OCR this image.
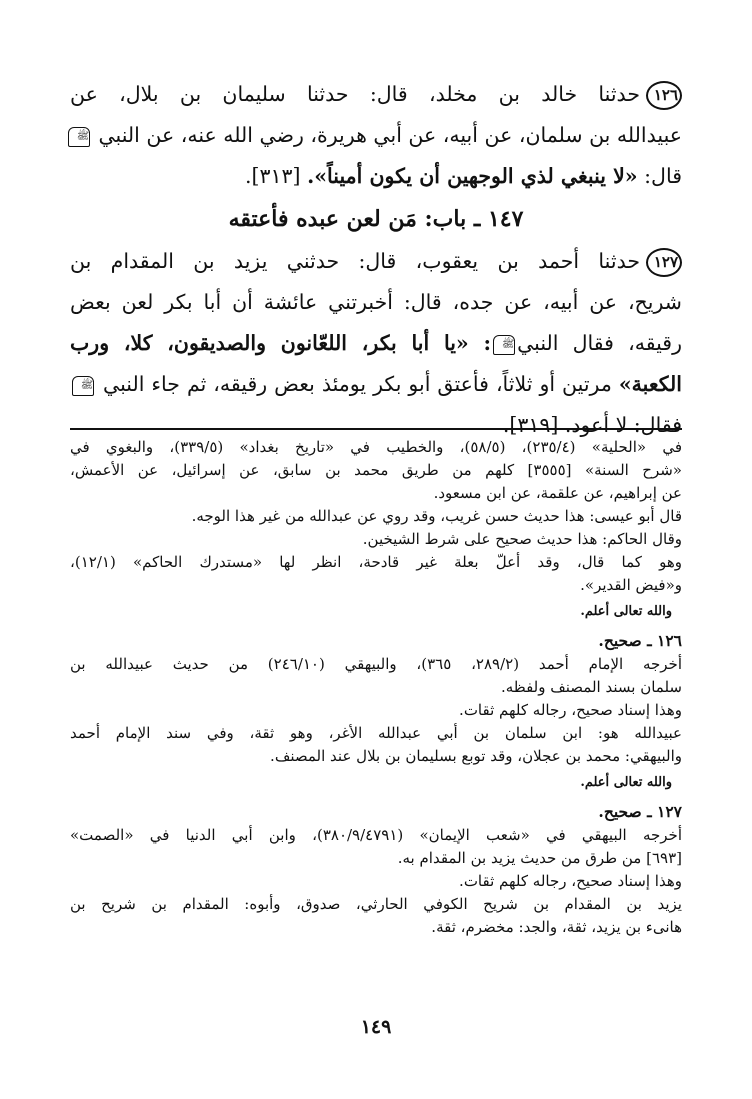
١٢٦حدثنا خالد بن مخلد، قال: حدثنا سليمان بن بلال، عن
عبيدالله بن سلمان، عن أبيه، عن أبي هريرة، رضي الله عنه، عن النبي ﷺ
قال: «لا ينبغي لذي الوجهين أن يكون أميناً». [٣١٣].
١٤٧ ـ باب: مَن لعن عبده فأعتقه
١٢٧حدثنا أحمد بن يعقوب، قال: حدثني يزيد بن المقدام بن
شريح، عن أبيه، عن جده، قال: أخبرتني عائشة أن أبا بكر لعن بعض
رقيقه، فقال النبيﷺ: «يا أبا بكر، اللعّانون والصديقون، كلا، ورب
الكعبة» مرتين أو ثلاثاً، فأعتق أبو بكر يومئذ بعض رقيقه، ثم جاء النبي ﷺ
فقال: لا أعود. [٣١٩].
في «الحلية» (٢٣٥/٤)، (٥٨/٥)، والخطيب في «تاريخ بغداد» (٣٣٩/٥)، والبغوي في
«شرح السنة» [٣٥٥٥] كلهم من طريق محمد بن سابق، عن إسرائيل، عن الأعمش،
عن إبراهيم، عن علقمة، عن ابن مسعود.
قال أبو عيسى: هذا حديث حسن غريب، وقد روي عن عبدالله من غير هذا الوجه.
وقال الحاكم: هذا حديث صحيح على شرط الشيخين.
وهو كما قال، وقد أعلّ بعلة غير قادحة، انظر لها «مستدرك الحاكم» (١٢/١)،
و«فيض القدير».
والله تعالى أعلم.
١٢٦ ـ صحيح.
أخرجه الإمام أحمد (٢٨٩/٢، ٣٦٥)، والبيهقي (٢٤٦/١٠) من حديث عبيدالله بن
سلمان بسند المصنف ولفظه.
وهذا إسناد صحيح، رجاله كلهم ثقات.
عبيدالله هو: ابن سلمان بن أبي عبدالله الأغر، وهو ثقة، وفي سند الإمام أحمد
والبيهقي: محمد بن عجلان، وقد توبع بسليمان بن بلال عند المصنف.
والله تعالى أعلم.
١٢٧ ـ صحيح.
أخرجه البيهقي في «شعب الإيمان» (٣٨٠/٩/٤٧٩١)، وابن أبي الدنيا في «الصمت»
[٦٩٣] من طرق من حديث يزيد بن المقدام به.
وهذا إسناد صحيح، رجاله كلهم ثقات.
يزيد بن المقدام بن شريح الكوفي الحارثي، صدوق، وأبوه: المقدام بن شريح بن
هانىء بن يزيد، ثقة، والجد: مخضرم، ثقة.
١٤٩
